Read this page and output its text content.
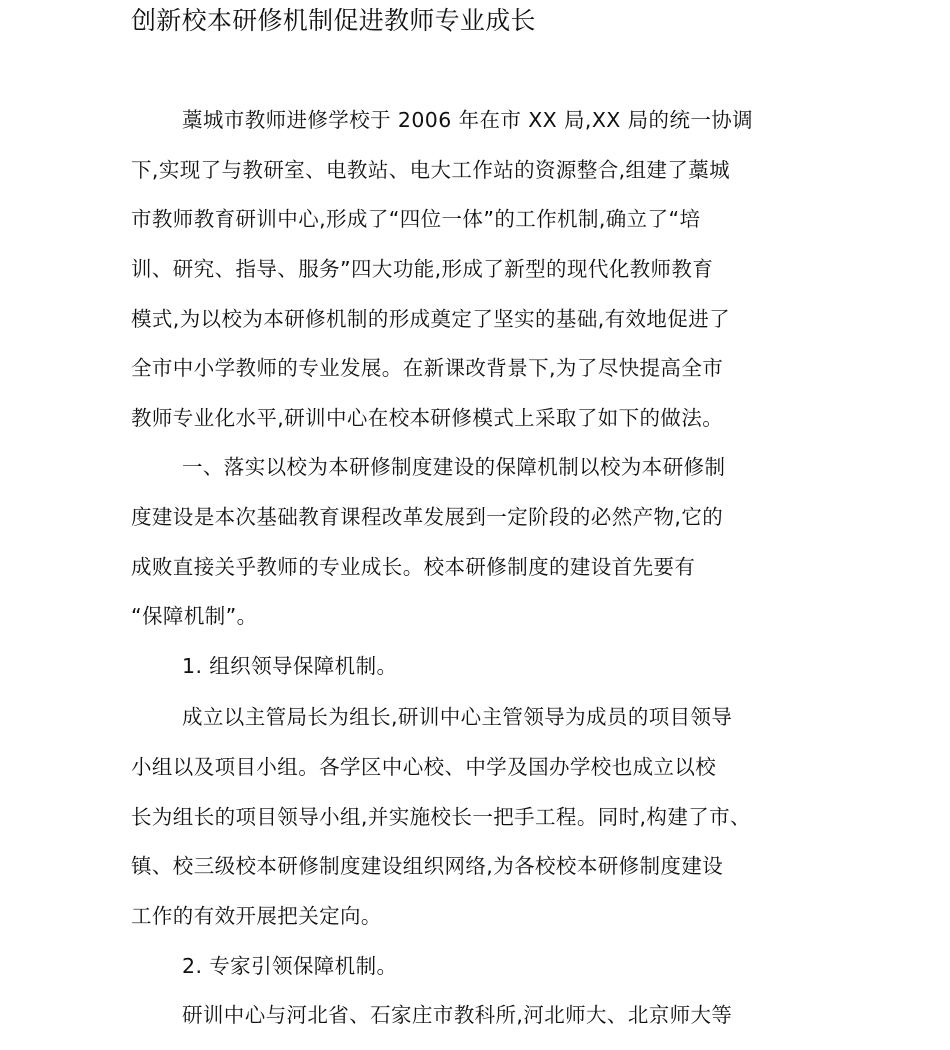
创新校本研修机制促进教师专业成长

藁城市教师进修学校于 2006 年在市 XX 局,XX 局的统一协调

下,实现了与教研室、电教站、电大工作站的资源整合,组建了藁城

市教师教育研训中心,形成了“四位一体”的工作机制,确立了“培

训、研究、指导、服务”四大功能,形成了新型的现代化教师教育

模式,为以校为本研修机制的形成奠定了坚实的基础,有效地促进了

全市中小学教师的专业发展。在新课改背景下,为了尽快提高全市

教师专业化水平,研训中心在校本研修模式上采取了如下的做法。

一、落实以校为本研修制度建设的保障机制以校为本研修制

度建设是本次基础教育课程改革发展到一定阶段的必然产物,它的

成败直接关乎教师的专业成长。校本研修制度的建设首先要有

“保障机制”。

1. 组织领导保障机制。

成立以主管局长为组长,研训中心主管领导为成员的项目领导

小组以及项目小组。各学区中心校、中学及国办学校也成立以校

长为组长的项目领导小组,并实施校长一把手工程。同时,构建了市、

镇、校三级校本研修制度建设组织网络,为各校校本研修制度建设

工作的有效开展把关定向。

2. 专家引领保障机制。

研训中心与河北省、石家庄市教科所,河北师大、北京师大等
